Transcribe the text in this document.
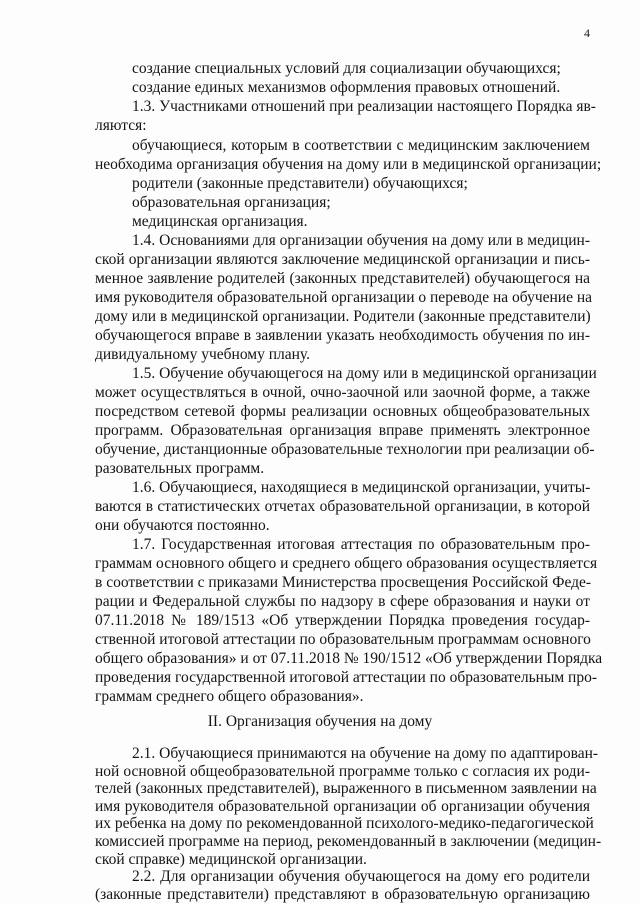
4
создание специальных условий для социализации обучающихся;
создание единых механизмов оформления правовых отношений.
1.3. Участниками отношений при реализации настоящего Порядка яв-
ляются:
обучающиеся, которым в соответствии с медицинским заключением
необходима организация обучения на дому или в медицинской организации;
родители (законные представители) обучающихся;
образовательная организация;
медицинская организация.
1.4. Основаниями для организации обучения на дому или в медицин-
ской организации являются заключение медицинской организации и пись-
менное заявление родителей (законных представителей) обучающегося на
имя руководителя образовательной организации о переводе на обучение на
дому или в медицинской организации. Родители (законные представители)
обучающегося вправе в заявлении указать необходимость обучения по ин-
дивидуальному учебному плану.
1.5. Обучение обучающегося на дому или в медицинской организации
может осуществляться в очной, очно-заочной или заочной форме, а также
посредством сетевой формы реализации основных общеобразовательных
программ. Образовательная организация вправе применять электронное
обучение, дистанционные образовательные технологии при реализации об-
разовательных программ.
1.6. Обучающиеся, находящиеся в медицинской организации, учиты-
ваются в статистических отчетах образовательной организации, в которой
они обучаются постоянно.
1.7. Государственная итоговая аттестация по образовательным про-
граммам основного общего и среднего общего образования осуществляется
в соответствии с приказами Министерства просвещения Российской Феде-
рации и Федеральной службы по надзору в сфере образования и науки от
07.11.2018 № 189/1513 «Об утверждении Порядка проведения государ-
ственной итоговой аттестации по образовательным программам основного
общего образования» и от 07.11.2018 № 190/1512 «Об утверждении Порядка
проведения государственной итоговой аттестации по образовательным про-
граммам среднего общего образования».
II. Организация обучения на дому
2.1. Обучающиеся принимаются на обучение на дому по адаптирован-
ной основной общеобразовательной программе только с согласия их роди-
телей (законных представителей), выраженного в письменном заявлении на
имя руководителя образовательной организации об организации обучения
их ребенка на дому по рекомендованной психолого-медико-педагогической
комиссией программе на период, рекомендованный в заключении (медицин-
ской справке) медицинской организации.
2.2. Для организации обучения обучающегося на дому его родители
(законные представители) представляют в образовательную организацию
